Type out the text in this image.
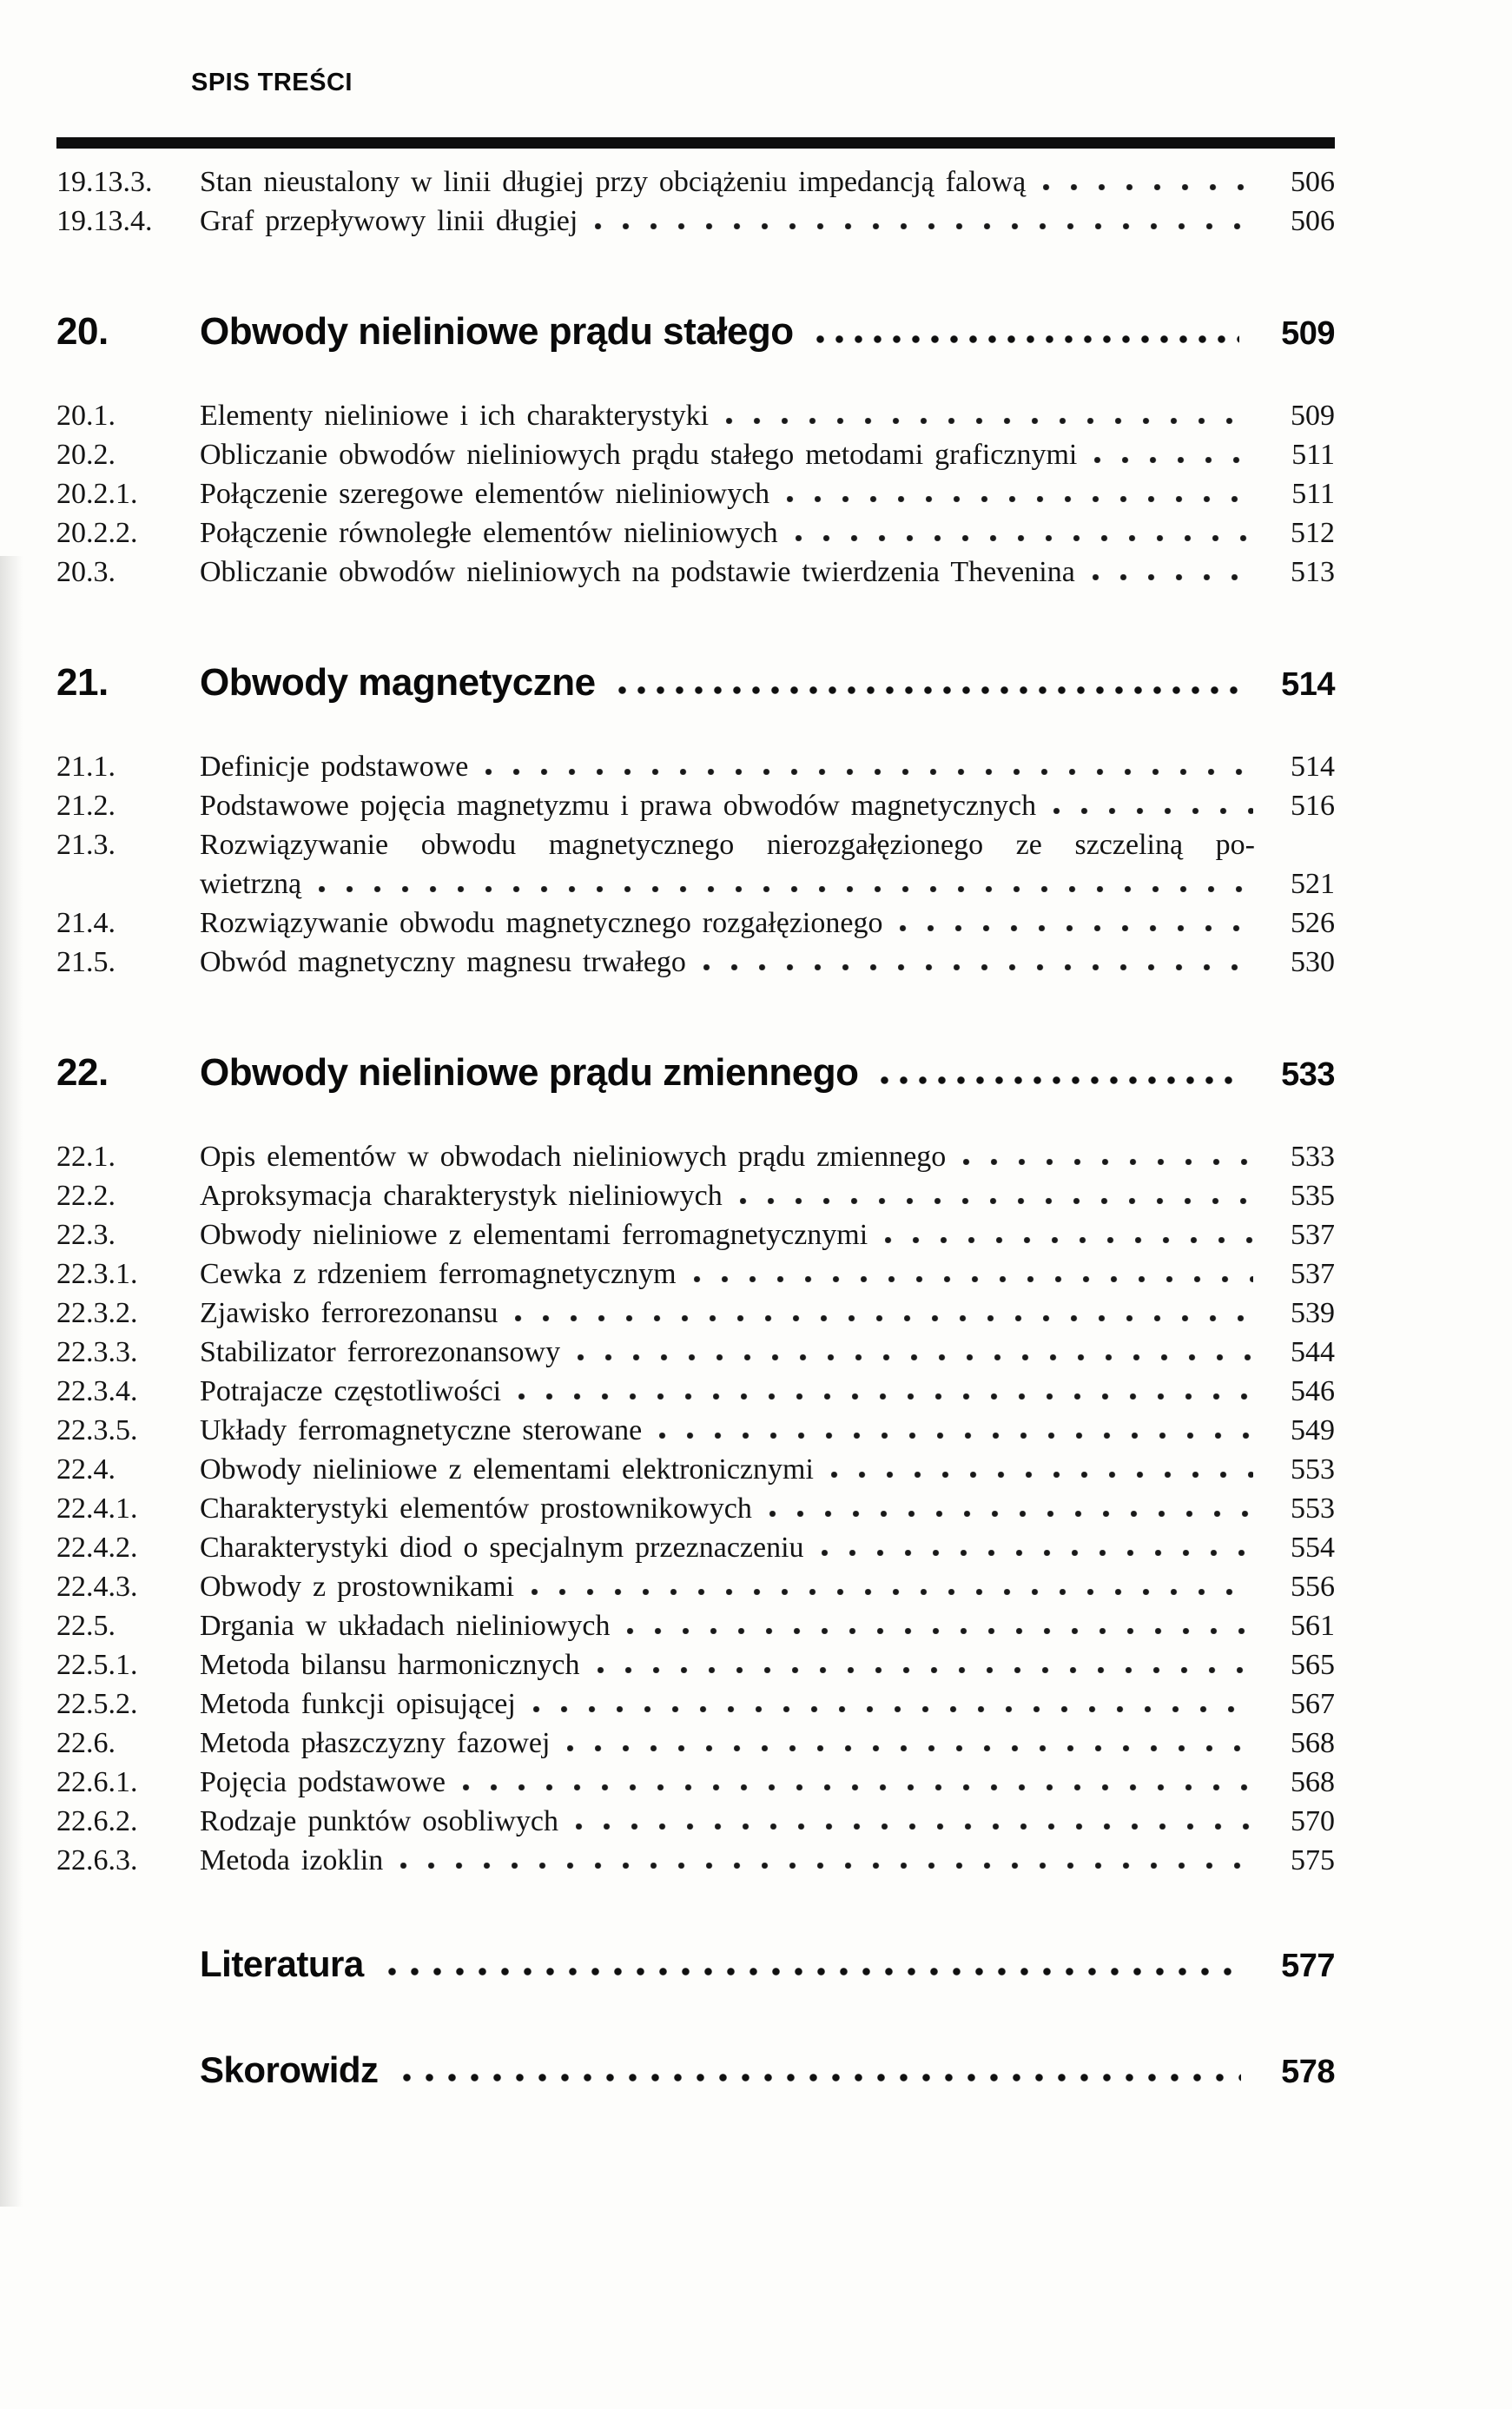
SPIS TREŚCI
19.13.3.	Stan nieustalony w linii długiej przy obciążeniu impedancją falową	506
19.13.4.	Graf przepływowy linii długiej	506
20.	Obwody nieliniowe prądu stałego	509
20.1.	Elementy nieliniowe i ich charakterystyki	509
20.2.	Obliczanie obwodów nieliniowych prądu stałego metodami graficznymi	511
20.2.1.	Połączenie szeregowe elementów nieliniowych	511
20.2.2.	Połączenie równoległe elementów nieliniowych	512
20.3.	Obliczanie obwodów nieliniowych na podstawie twierdzenia Thevenina	513
21.	Obwody magnetyczne	514
21.1.	Definicje podstawowe	514
21.2.	Podstawowe pojęcia magnetyzmu i prawa obwodów magnetycznych	516
21.3.	Rozwiązywanie obwodu magnetycznego nierozgałęzionego ze szczeliną po-
wietrzną	521
21.4.	Rozwiązywanie obwodu magnetycznego rozgałęzionego	526
21.5.	Obwód magnetyczny magnesu trwałego	530
22.	Obwody nieliniowe prądu zmiennego	533
22.1.	Opis elementów w obwodach nieliniowych prądu zmiennego	533
22.2.	Aproksymacja charakterystyk nieliniowych	535
22.3.	Obwody nieliniowe z elementami ferromagnetycznymi	537
22.3.1.	Cewka z rdzeniem ferromagnetycznym	537
22.3.2.	Zjawisko ferrorezonansu	539
22.3.3.	Stabilizator ferrorezonansowy	544
22.3.4.	Potrajacze częstotliwości	546
22.3.5.	Układy ferromagnetyczne sterowane	549
22.4.	Obwody nieliniowe z elementami elektronicznymi	553
22.4.1.	Charakterystyki elementów prostownikowych	553
22.4.2.	Charakterystyki diod o specjalnym przeznaczeniu	554
22.4.3.	Obwody z prostownikami	556
22.5.	Drgania w układach nieliniowych	561
22.5.1.	Metoda bilansu harmonicznych	565
22.5.2.	Metoda funkcji opisującej	567
22.6.	Metoda płaszczyzny fazowej	568
22.6.1.	Pojęcia podstawowe	568
22.6.2.	Rodzaje punktów osobliwych	570
22.6.3.	Metoda izoklin	575
Literatura	577
Skorowidz	578
